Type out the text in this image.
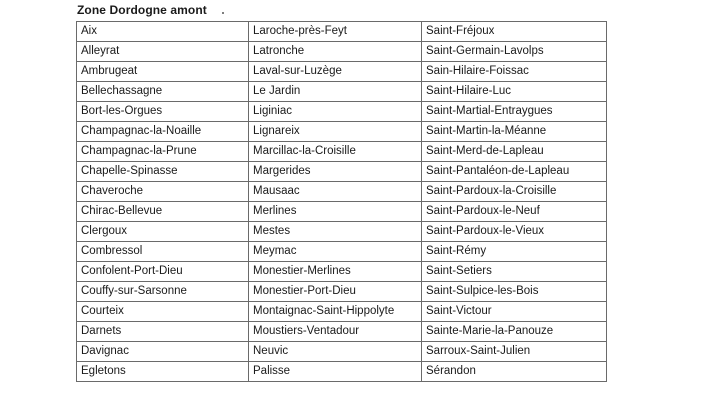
Zone Dordogne amont
Aix	Laroche-près-Feyt	Saint-Fréjoux
Alleyrat	Latronche	Saint-Germain-Lavolps
Ambrugeat	Laval-sur-Luzège	Sain-Hilaire-Foissac
Bellechassagne	Le Jardin	Saint-Hilaire-Luc
Bort-les-Orgues	Liginiac	Saint-Martial-Entraygues
Champagnac-la-Noaille	Lignareix	Saint-Martin-la-Méanne
Champagnac-la-Prune	Marcillac-la-Croisille	Saint-Merd-de-Lapleau
Chapelle-Spinasse	Margerides	Saint-Pantaléon-de-Lapleau
Chaveroche	Mausaac	Saint-Pardoux-la-Croisille
Chirac-Bellevue	Merlines	Saint-Pardoux-le-Neuf
Clergoux	Mestes	Saint-Pardoux-le-Vieux
Combressol	Meymac	Saint-Rémy
Confolent-Port-Dieu	Monestier-Merlines	Saint-Setiers
Couffy-sur-Sarsonne	Monestier-Port-Dieu	Saint-Sulpice-les-Bois
Courteix	Montaignac-Saint-Hippolyte	Saint-Victour
Darnets	Moustiers-Ventadour	Sainte-Marie-la-Panouze
Davignac	Neuvic	Sarroux-Saint-Julien
Egletons	Palisse	Sérandon
